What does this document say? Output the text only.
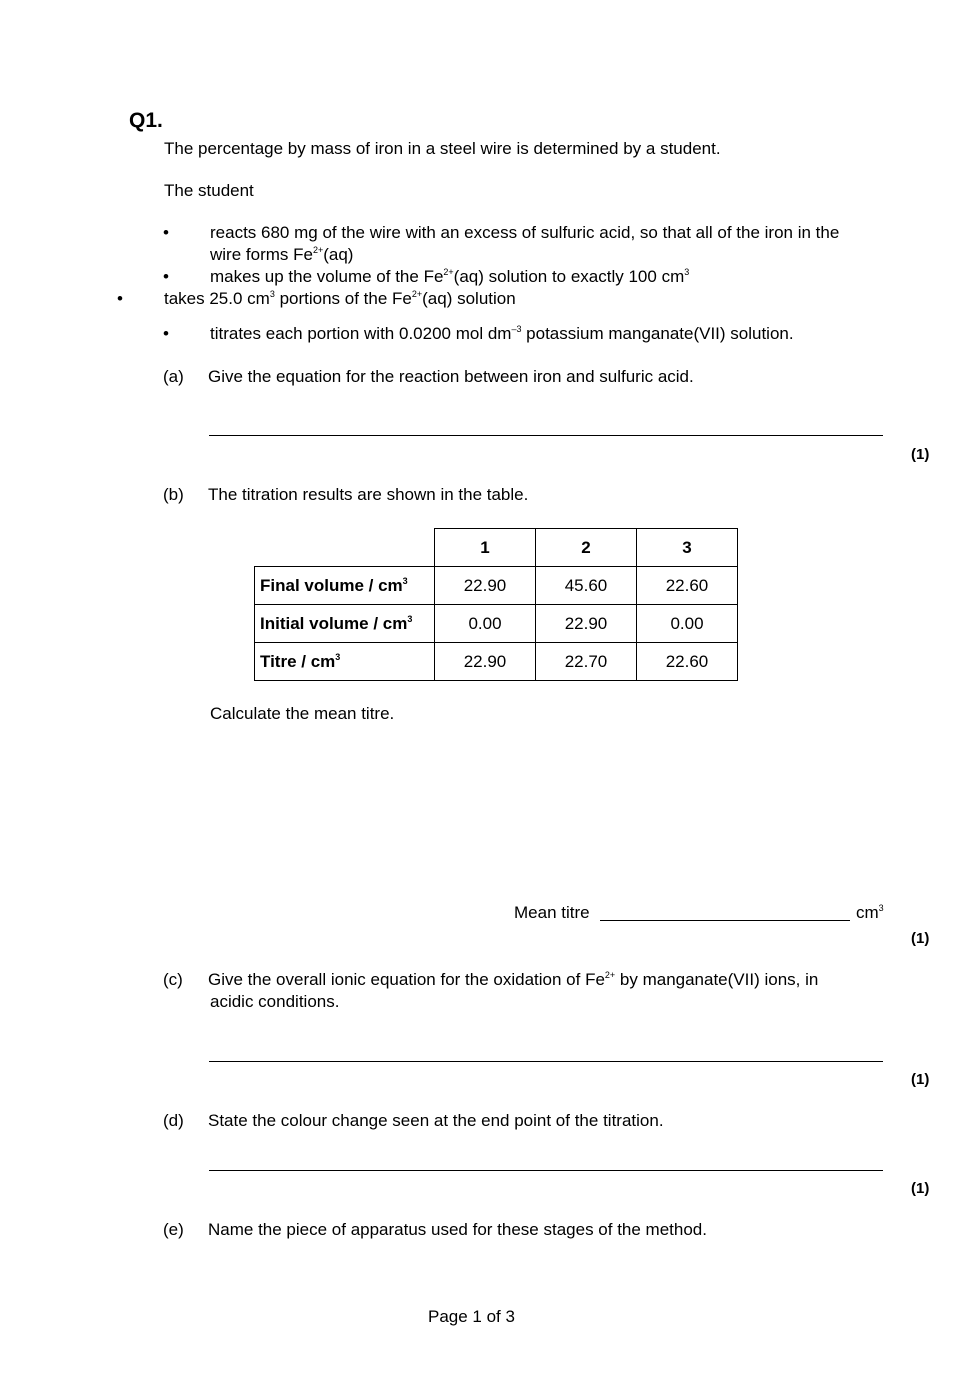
Q1.
The percentage by mass of iron in a steel wire is determined by a student.
The student
• reacts 680 mg of the wire with an excess of sulfuric acid, so that all of the iron in the
wire forms $Fe^{2+}(aq)$
• makes up the volume of the $Fe^{2+}(aq)$ solution to exactly 100 $cm^3$
• takes 25.0 $cm^3$ portions of the $Fe^{2+}(aq)$ solution
• titrates each portion with 0.0200 mol $dm^{-3}$ potassium manganate(VII) solution.
(a) Give the equation for the reaction between iron and sulfuric acid.
(1)
(b) The titration results are shown in the table.
	1	2	3
Final volume / $cm^3$	22.90	45.60	22.60
Initial volume / $cm^3$	0.00	22.90	0.00
Titre / $cm^3$	22.90	22.70	22.60
Calculate the mean titre.
Mean titre	$cm^3$
(1)
(c) Give the overall ionic equation for the oxidation of $Fe^{2+}$ by manganate(VII) ions, in
acidic conditions.
(1)
(d) State the colour change seen at the end point of the titration.
(1)
(e) Name the piece of apparatus used for these stages of the method.
Page 1 of 3
